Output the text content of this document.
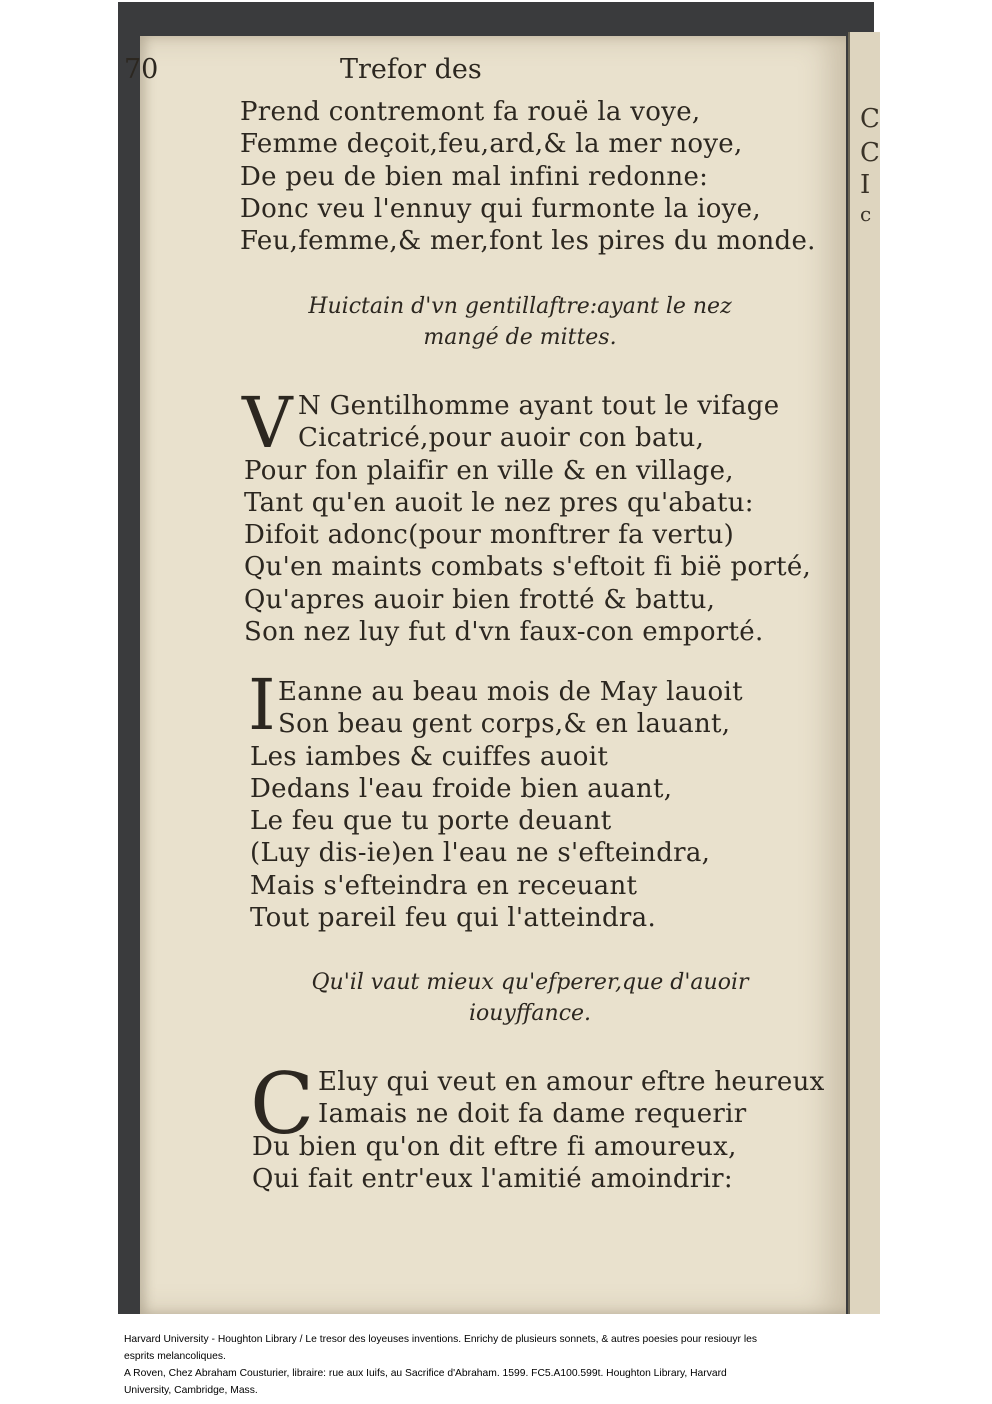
C
C
I
c
70	Trefor des
Prend contremont fa rouë la voye,
Femme deçoit,feu,ard,& la mer noye,
De peu de bien mal infini redonne:
Donc veu l'ennuy qui furmonte la ioye,
Feu,femme,& mer,font les pires du monde.
Huictain d'vn gentillaftre:ayant le nez
mangé de mittes.
V N Gentilhomme ayant tout le vifage
Cicatricé,pour auoir con batu,
Pour fon plaifir en ville & en village,
Tant qu'en auoit le nez pres qu'abatu:
Difoit adonc(pour monftrer fa vertu)
Qu'en maints combats s'eftoit fi bië porté,
Qu'apres auoir bien frotté & battu,
Son nez luy fut d'vn faux-con emporté.
I Eanne au beau mois de May lauoit
Son beau gent corps,& en lauant,
Les iambes & cuiffes auoit
Dedans l'eau froide bien auant,
Le feu que tu porte deuant
(Luy dis-ie)en l'eau ne s'efteindra,
Mais s'efteindra en receuant
Tout pareil feu qui l'atteindra.
Qu'il vaut mieux qu'efperer,que d'auoir
iouyffance.
C Eluy qui veut en amour eftre heureux
Iamais ne doit fa dame requerir
Du bien qu'on dit eftre fi amoureux,
Qui fait entr'eux l'amitié amoindrir:
Harvard University - Houghton Library / Le tresor des loyeuses inventions. Enrichy de plusieurs sonnets, & autres poesies pour resiouyr les
esprits melancoliques.
A Roven, Chez Abraham Cousturier, libraire: rue aux Iuifs, au Sacrifice d'Abraham. 1599. FC5.A100.599t. Houghton Library, Harvard
University, Cambridge, Mass.
